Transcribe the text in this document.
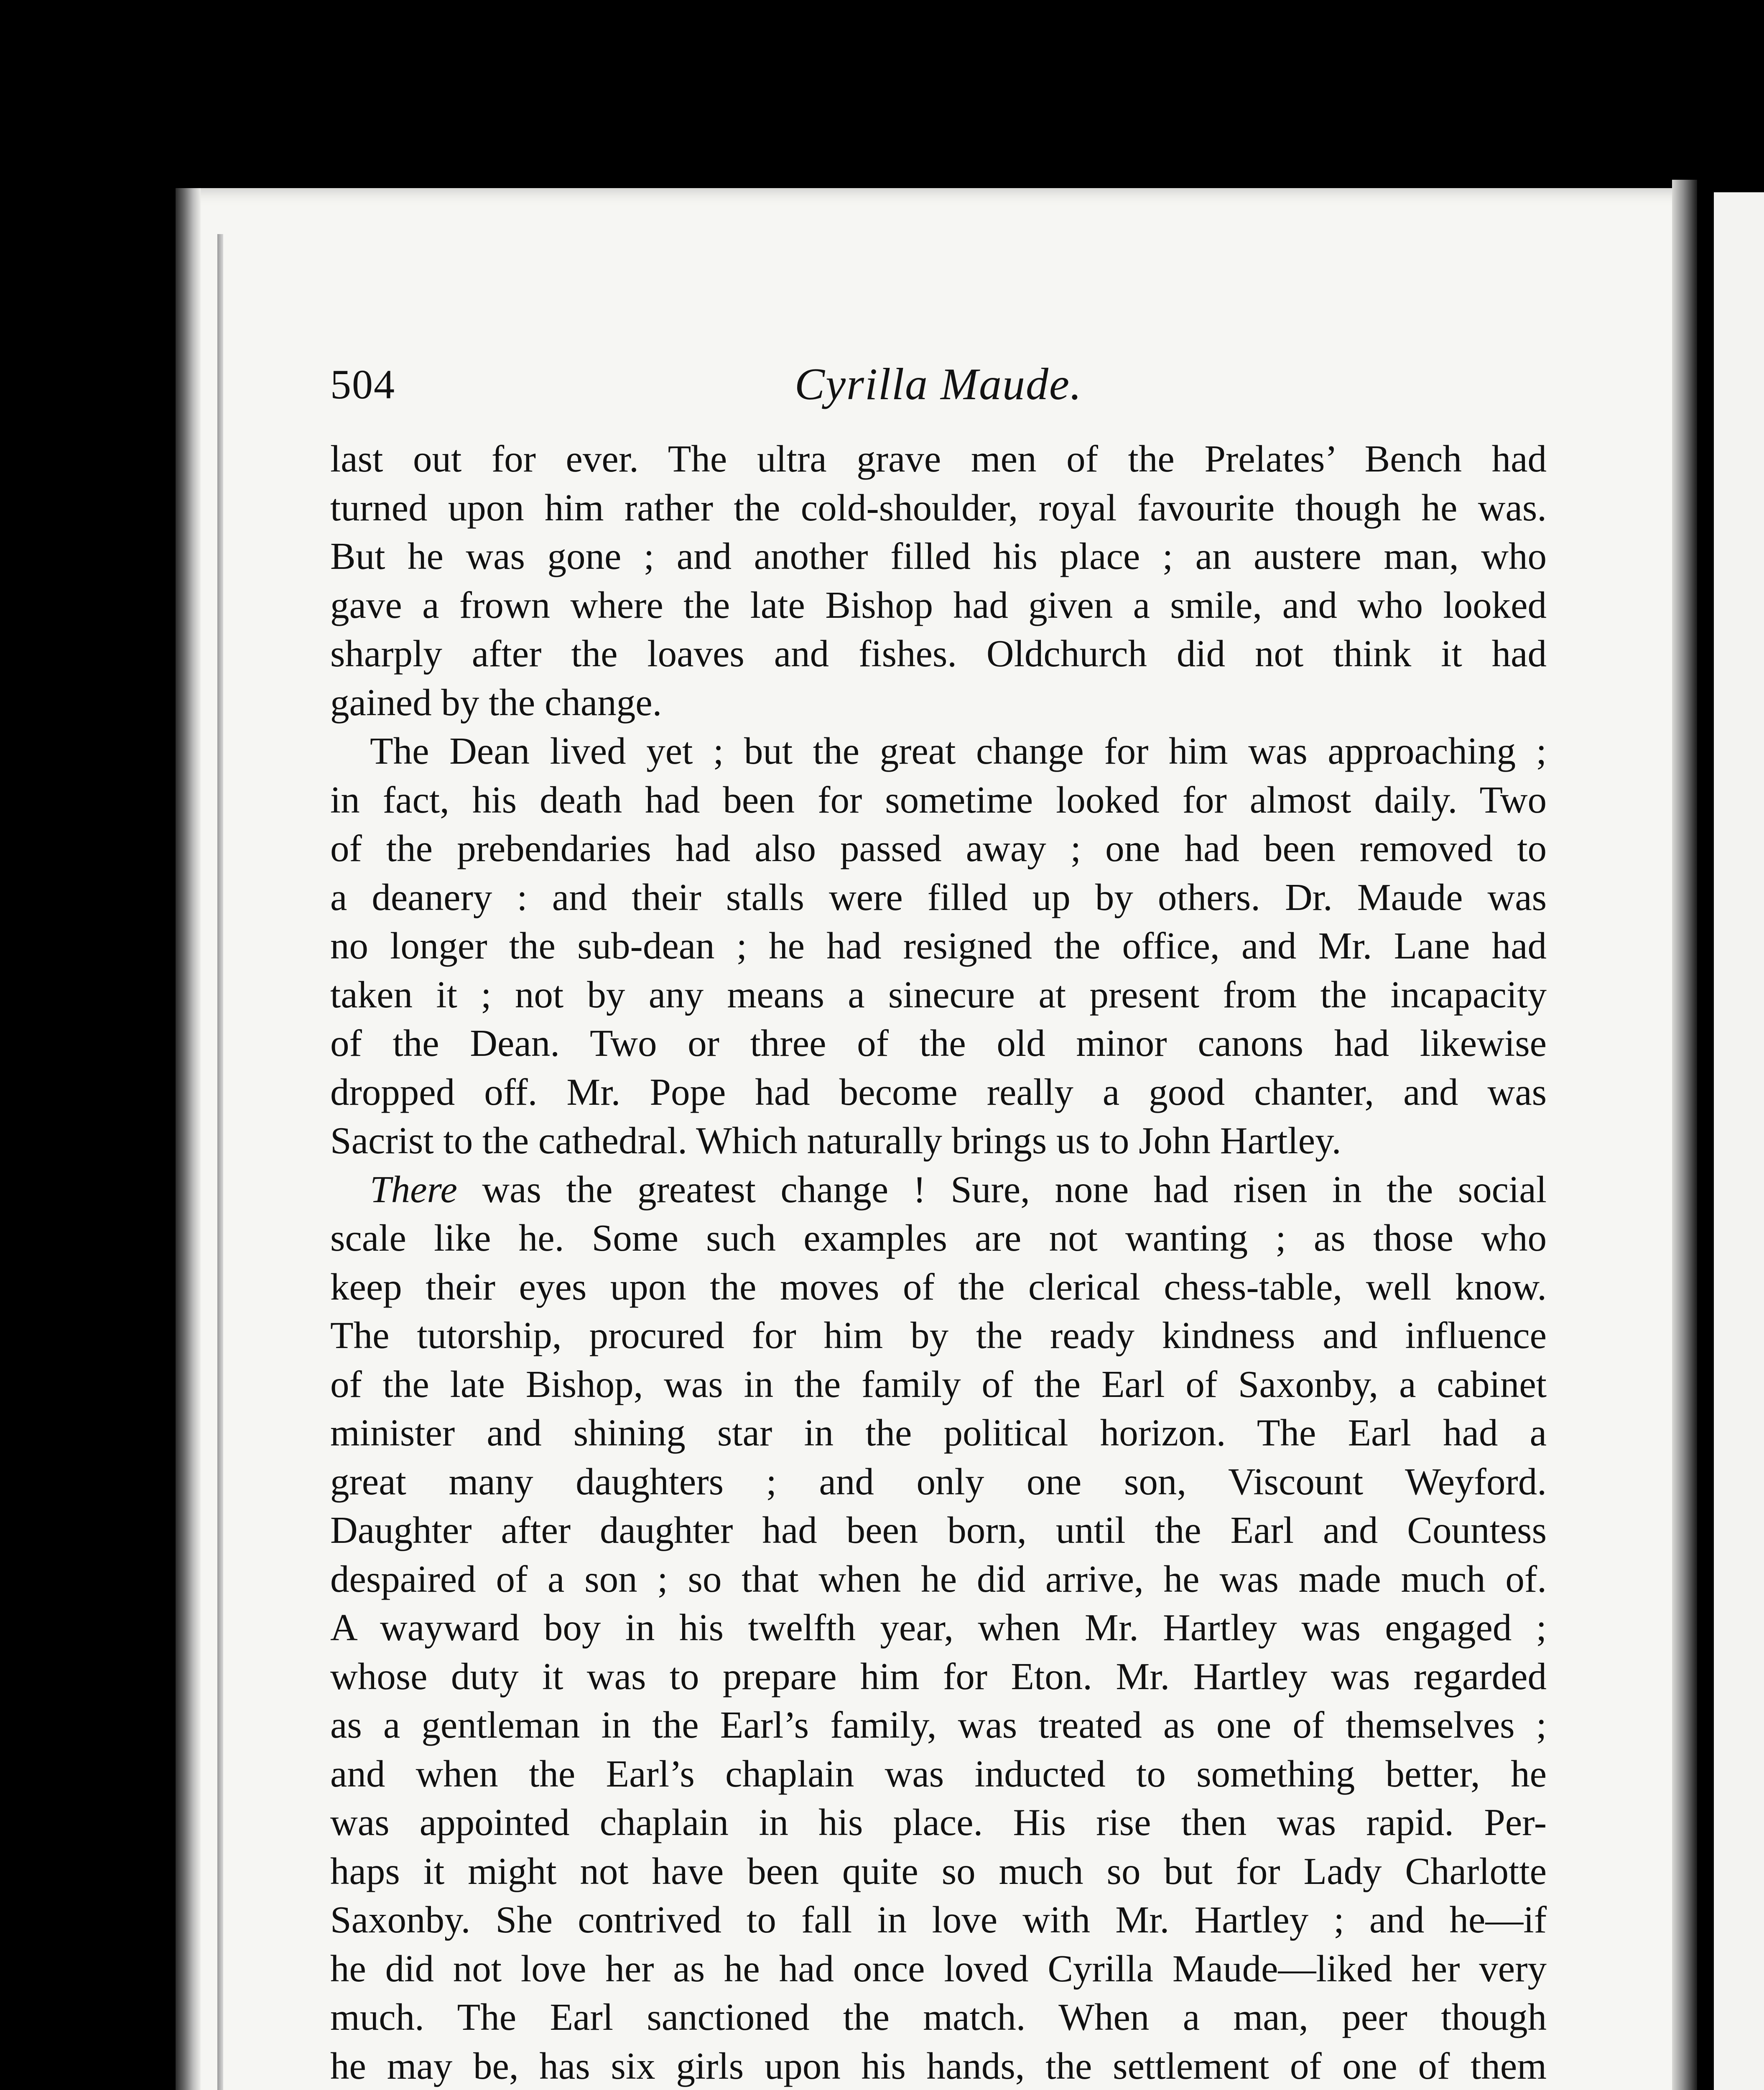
504	Cyrilla Maude.
last out for ever. The ultra grave men of the Prelates’ Bench had
turned upon him rather the cold-shoulder, royal favourite though he was.
But he was gone ; and another filled his place ; an austere man, who
gave a frown where the late Bishop had given a smile, and who looked
sharply after the loaves and fishes. Oldchurch did not think it had
gained by the change.
The Dean lived yet ; but the great change for him was approaching ;
in fact, his death had been for sometime looked for almost daily. Two
of the prebendaries had also passed away ; one had been removed to
a deanery : and their stalls were filled up by others. Dr. Maude was
no longer the sub-dean ; he had resigned the office, and Mr. Lane had
taken it ; not by any means a sinecure at present from the incapacity
of the Dean. Two or three of the old minor canons had likewise
dropped off. Mr. Pope had become really a good chanter, and was
Sacrist to the cathedral. Which naturally brings us to John Hartley.
There was the greatest change ! Sure, none had risen in the social
scale like he. Some such examples are not wanting ; as those who
keep their eyes upon the moves of the clerical chess-table, well know.
The tutorship, procured for him by the ready kindness and influence
of the late Bishop, was in the family of the Earl of Saxonby, a cabinet
minister and shining star in the political horizon. The Earl had a
great many daughters ; and only one son, Viscount Weyford.
Daughter after daughter had been born, until the Earl and Countess
despaired of a son ; so that when he did arrive, he was made much of.
A wayward boy in his twelfth year, when Mr. Hartley was engaged ;
whose duty it was to prepare him for Eton. Mr. Hartley was regarded
as a gentleman in the Earl’s family, was treated as one of themselves ;
and when the Earl’s chaplain was inducted to something better, he
was appointed chaplain in his place. His rise then was rapid. Per-
haps it might not have been quite so much so but for Lady Charlotte
Saxonby. She contrived to fall in love with Mr. Hartley ; and he—if
he did not love her as he had once loved Cyrilla Maude—liked her very
much. The Earl sanctioned the match. When a man, peer though
he may be, has six girls upon his hands, the settlement of one of them
